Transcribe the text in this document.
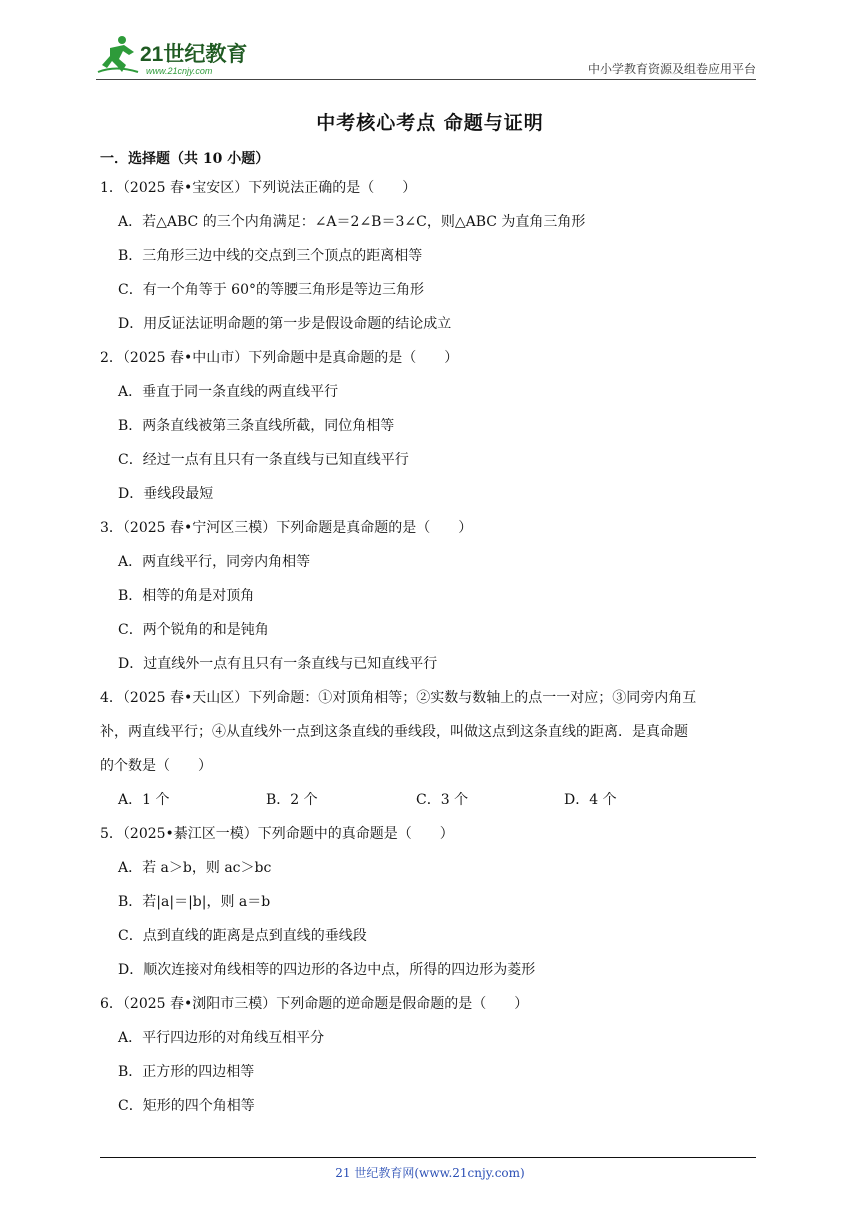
21世纪教育
www.21cnjy.com	中小学教育资源及组卷应用平台
中考核心考点 命题与证明
一．选择题（共 10 小题）
1．（2025 春•宝安区）下列说法正确的是（　　）
A．若△ABC 的三个内角满足：∠A＝2∠B＝3∠C，则△ABC 为直角三角形
B．三角形三边中线的交点到三个顶点的距离相等
C．有一个角等于 60°的等腰三角形是等边三角形
D．用反证法证明命题的第一步是假设命题的结论成立
2．（2025 春•中山市）下列命题中是真命题的是（　　）
A．垂直于同一条直线的两直线平行
B．两条直线被第三条直线所截，同位角相等
C．经过一点有且只有一条直线与已知直线平行
D．垂线段最短
3．（2025 春•宁河区三模）下列命题是真命题的是（　　）
A．两直线平行，同旁内角相等
B．相等的角是对顶角
C．两个锐角的和是钝角
D．过直线外一点有且只有一条直线与已知直线平行
4．（2025 春•天山区）下列命题：①对顶角相等；②实数与数轴上的点一一对应；③同旁内角互
补，两直线平行；④从直线外一点到这条直线的垂线段，叫做这点到这条直线的距离．是真命题
的个数是（　　）
A．1 个	B．2 个	C．3 个	D．4 个
5．（2025•綦江区一模）下列命题中的真命题是（　　）
A．若 a＞b，则 ac＞bc
B．若|a|＝|b|，则 a＝b
C．点到直线的距离是点到直线的垂线段
D．顺次连接对角线相等的四边形的各边中点，所得的四边形为菱形
6．（2025 春•浏阳市三模）下列命题的逆命题是假命题的是（　　）
A．平行四边形的对角线互相平分
B．正方形的四边相等
C．矩形的四个角相等
21 世纪教育网(www.21cnjy.com)
